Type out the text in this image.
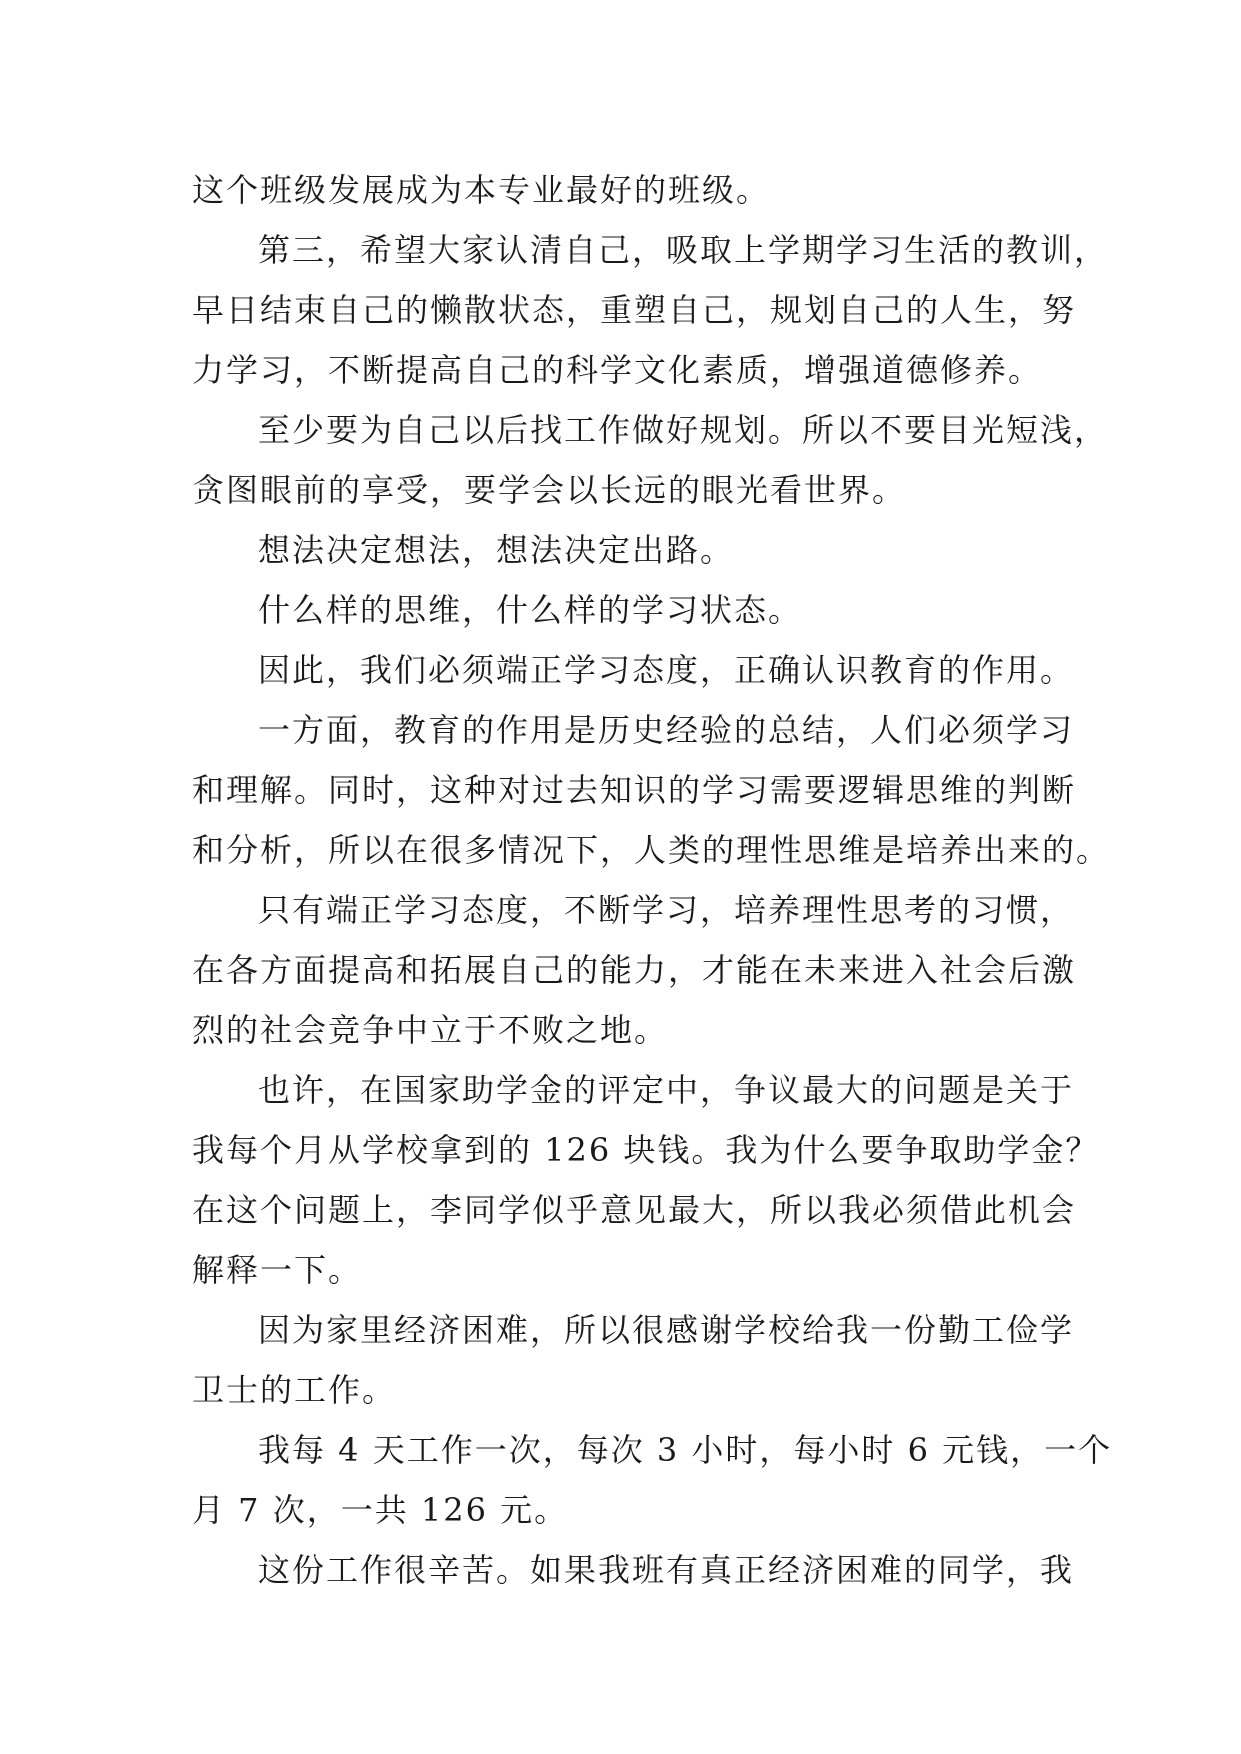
这个班级发展成为本专业最好的班级。
第三，希望大家认清自己，吸取上学期学习生活的教训，
早日结束自己的懒散状态，重塑自己，规划自己的人生，努
力学习，不断提高自己的科学文化素质，增强道德修养。
至少要为自己以后找工作做好规划。所以不要目光短浅，
贪图眼前的享受，要学会以长远的眼光看世界。
想法决定想法，想法决定出路。
什么样的思维，什么样的学习状态。
因此，我们必须端正学习态度，正确认识教育的作用。
一方面，教育的作用是历史经验的总结，人们必须学习
和理解。同时，这种对过去知识的学习需要逻辑思维的判断
和分析，所以在很多情况下，人类的理性思维是培养出来的。
只有端正学习态度，不断学习，培养理性思考的习惯，
在各方面提高和拓展自己的能力，才能在未来进入社会后激
烈的社会竞争中立于不败之地。
也许，在国家助学金的评定中，争议最大的问题是关于
我每个月从学校拿到的 126 块钱。我为什么要争取助学金？
在这个问题上，李同学似乎意见最大，所以我必须借此机会
解释一下。
因为家里经济困难，所以很感谢学校给我一份勤工俭学
卫士的工作。
我每 4 天工作一次，每次 3 小时，每小时 6 元钱，一个
月 7 次，一共 126 元。
这份工作很辛苦。如果我班有真正经济困难的同学，我
